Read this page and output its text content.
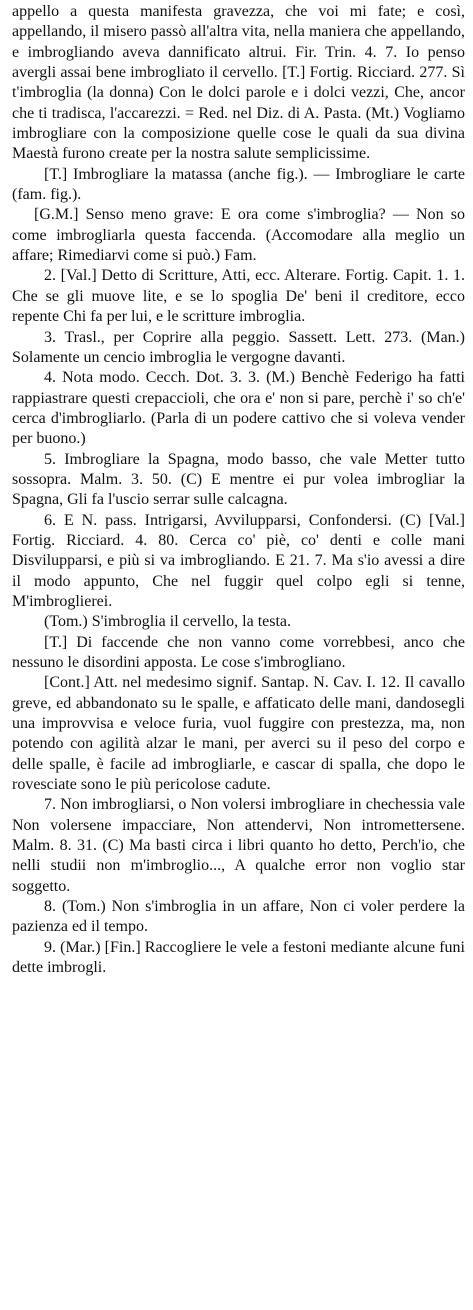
appello a questa manifesta gravezza, che voi mi fate; e così, appellando, il misero passò all'altra vita, nella maniera che appellando, e imbrogliando aveva dannificato altrui. Fir. Trin. 4. 7. Io penso avergli assai bene imbrogliato il cervello. [T.] Fortig. Ricciard. 277. Sì t'imbroglia (la donna) Con le dolci parole e i dolci vezzi, Che, ancor che ti tradisca, l'accarezzi. = Red. nel Diz. di A. Pasta. (Mt.) Vogliamo imbrogliare con la composizione quelle cose le quali da sua divina Maestà furono create per la nostra salute semplicissime.

[T.] Imbrogliare la matassa (anche fig.). — Imbrogliare le carte (fam. fig.).

[G.M.] Senso meno grave: E ora come s'imbroglia? — Non so come imbrogliarla questa faccenda. (Accomodare alla meglio un affare; Rimediarvi come si può.) Fam.

2. [Val.] Detto di Scritture, Atti, ecc. Alterare. Fortig. Capit. 1. 1. Che se gli muove lite, e se lo spoglia De' beni il creditore, ecco repente Chi fa per lui, e le scritture imbroglia.

3. Trasl., per Coprire alla peggio. Sassett. Lett. 273. (Man.) Solamente un cencio imbroglia le vergogne davanti.

4. Nota modo. Cecch. Dot. 3. 3. (M.) Benchè Federigo ha fatti rappiastrare questi crepaccioli, che ora e' non si pare, perchè i' so ch'e' cerca d'imbrogliarlo. (Parla di un podere cattivo che si voleva vender per buono.)

5. Imbrogliare la Spagna, modo basso, che vale Metter tutto sossopra. Malm. 3. 50. (C) E mentre ei pur volea imbrogliar la Spagna, Gli fa l'uscio serrar sulle calcagna.

6. E N. pass. Intrigarsi, Avvilupparsi, Confondersi. (C) [Val.] Fortig. Ricciard. 4. 80. Cerca co' piè, co' denti e colle mani Disvilupparsi, e più si va imbrogliando. E 21. 7. Ma s'io avessi a dire il modo appunto, Che nel fuggir quel colpo egli si tenne, M'imbroglierei.

(Tom.) S'imbroglia il cervello, la testa.

[T.] Di faccende che non vanno come vorrebbesi, anco che nessuno le disordini apposta. Le cose s'imbrogliano.

[Cont.] Att. nel medesimo signif. Santap. N. Cav. I. 12. Il cavallo greve, ed abbandonato su le spalle, e affaticato delle mani, dandosegli una improvvisa e veloce furia, vuol fuggire con prestezza, ma, non potendo con agilità alzar le mani, per averci su il peso del corpo e delle spalle, è facile ad imbrogliarle, e cascar di spalla, che dopo le rovesciate sono le più pericolose cadute.

7. Non imbrogliarsi, o Non volersi imbrogliare in chechessia vale Non volersene impacciare, Non attendervi, Non intromettersene. Malm. 8. 31. (C) Ma basti circa i libri quanto ho detto, Perch'io, che nelli studii non m'imbroglio..., A qualche error non voglio star soggetto.

8. (Tom.) Non s'imbroglia in un affare, Non ci voler perdere la pazienza ed il tempo.

9. (Mar.) [Fin.] Raccogliere le vele a festoni mediante alcune funi dette imbrogli.
